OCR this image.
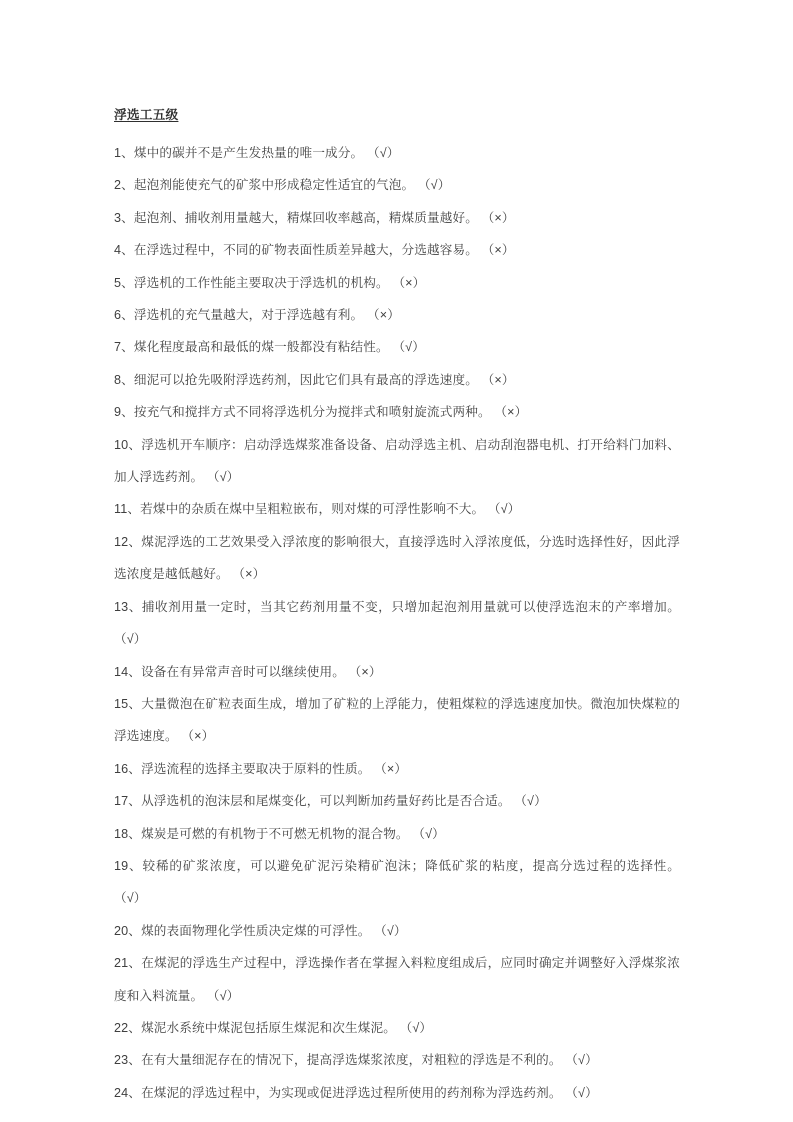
浮选工五级
1、煤中的碳并不是产生发热量的唯一成分。 （√）
2、起泡剂能使充气的矿浆中形成稳定性适宜的气泡。 （√）
3、起泡剂、捕收剂用量越大，精煤回收率越高，精煤质量越好。 （×）
4、在浮选过程中，不同的矿物表面性质差异越大，分选越容易。 （×）
5、浮选机的工作性能主要取决于浮选机的机构。 （×）
6、浮选机的充气量越大，对于浮选越有利。 （×）
7、煤化程度最高和最低的煤一般都没有粘结性。 （√）
8、细泥可以抢先吸附浮选药剂，因此它们具有最高的浮选速度。 （×）
9、按充气和搅拌方式不同将浮选机分为搅拌式和喷射旋流式两种。 （×）
10、浮选机开车顺序：启动浮选煤浆准备设备、启动浮选主机、启动刮泡器电机、打开给料门加料、加人浮选药剂。 （√）
11、若煤中的杂质在煤中呈粗粒嵌布，则对煤的可浮性影响不大。 （√）
12、煤泥浮选的工艺效果受入浮浓度的影响很大，直接浮选时入浮浓度低，分选时选择性好，因此浮选浓度是越低越好。 （×）
13、捕收剂用量一定时，当其它药剂用量不变，只增加起泡剂用量就可以使浮选泡末的产率增加。 （√）
14、设备在有异常声音时可以继续使用。 （×）
15、大量微泡在矿粒表面生成，增加了矿粒的上浮能力，使粗煤粒的浮选速度加快。微泡加快煤粒的浮选速度。 （×）
16、浮选流程的选择主要取决于原料的性质。 （×）
17、从浮选机的泡沫层和尾煤变化，可以判断加药量好药比是否合适。 （√）
18、煤炭是可燃的有机物于不可燃无机物的混合物。 （√）
19、较稀的矿浆浓度，可以避免矿泥污染精矿泡沫；降低矿浆的粘度，提高分选过程的选择性。 （√）
20、煤的表面物理化学性质决定煤的可浮性。 （√）
21、在煤泥的浮选生产过程中，浮选操作者在掌握入料粒度组成后，应同时确定并调整好入浮煤浆浓度和入料流量。 （√）
22、煤泥水系统中煤泥包括原生煤泥和次生煤泥。 （√）
23、在有大量细泥存在的情况下，提高浮选煤浆浓度，对粗粒的浮选是不利的。 （√）
24、在煤泥的浮选过程中，为实现或促进浮选过程所使用的药剂称为浮选药剂。 （√）
